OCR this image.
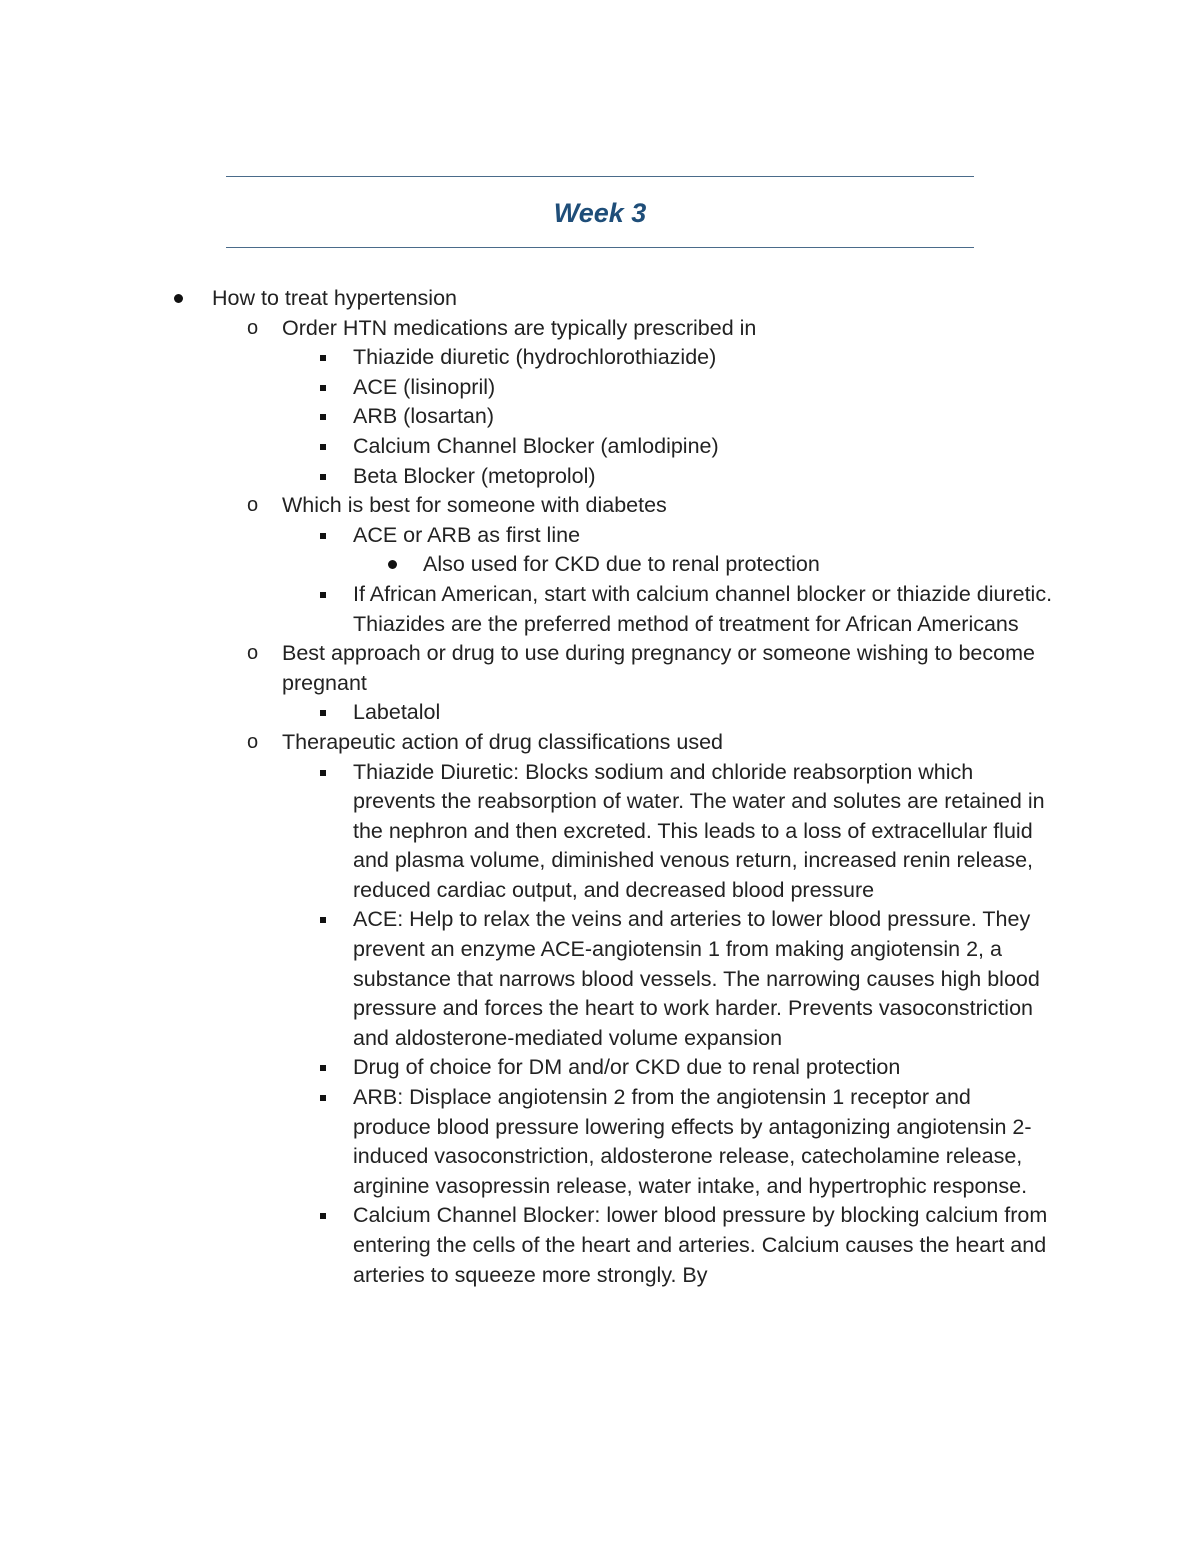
Week 3
How to treat hypertension
o
Order HTN medications are typically prescribed in
Thiazide diuretic (hydrochlorothiazide)
ACE (lisinopril)
ARB (losartan)
Calcium Channel Blocker (amlodipine)
Beta Blocker (metoprolol)
o
Which is best for someone with diabetes
ACE or ARB as first line
Also used for CKD due to renal protection
If African American, start with calcium channel blocker or thiazide diuretic. Thiazides are the preferred method of treatment for African Americans
o
Best approach or drug to use during pregnancy or someone wishing to become pregnant
Labetalol
o
Therapeutic action of drug classifications used
Thiazide Diuretic: Blocks sodium and chloride reabsorption which prevents the reabsorption of water. The water and solutes are retained in the nephron and then excreted. This leads to a loss of extracellular fluid and plasma volume, diminished venous return, increased renin release, reduced cardiac output, and decreased blood pressure
ACE: Help to relax the veins and arteries to lower blood pressure. They prevent an enzyme ACE-angiotensin 1 from making angiotensin 2, a substance that narrows blood vessels. The narrowing causes high blood pressure and forces the heart to work harder. Prevents vasoconstriction and aldosterone-mediated volume expansion
Drug of choice for DM and/or CKD due to renal protection
ARB: Displace angiotensin 2 from the angiotensin 1 receptor and produce blood pressure lowering effects by antagonizing angiotensin 2-induced vasoconstriction, aldosterone release, catecholamine release, arginine vasopressin release, water intake, and hypertrophic response.
Calcium Channel Blocker: lower blood pressure by blocking calcium from entering the cells of the heart and arteries. Calcium causes the heart and arteries to squeeze more strongly. By
